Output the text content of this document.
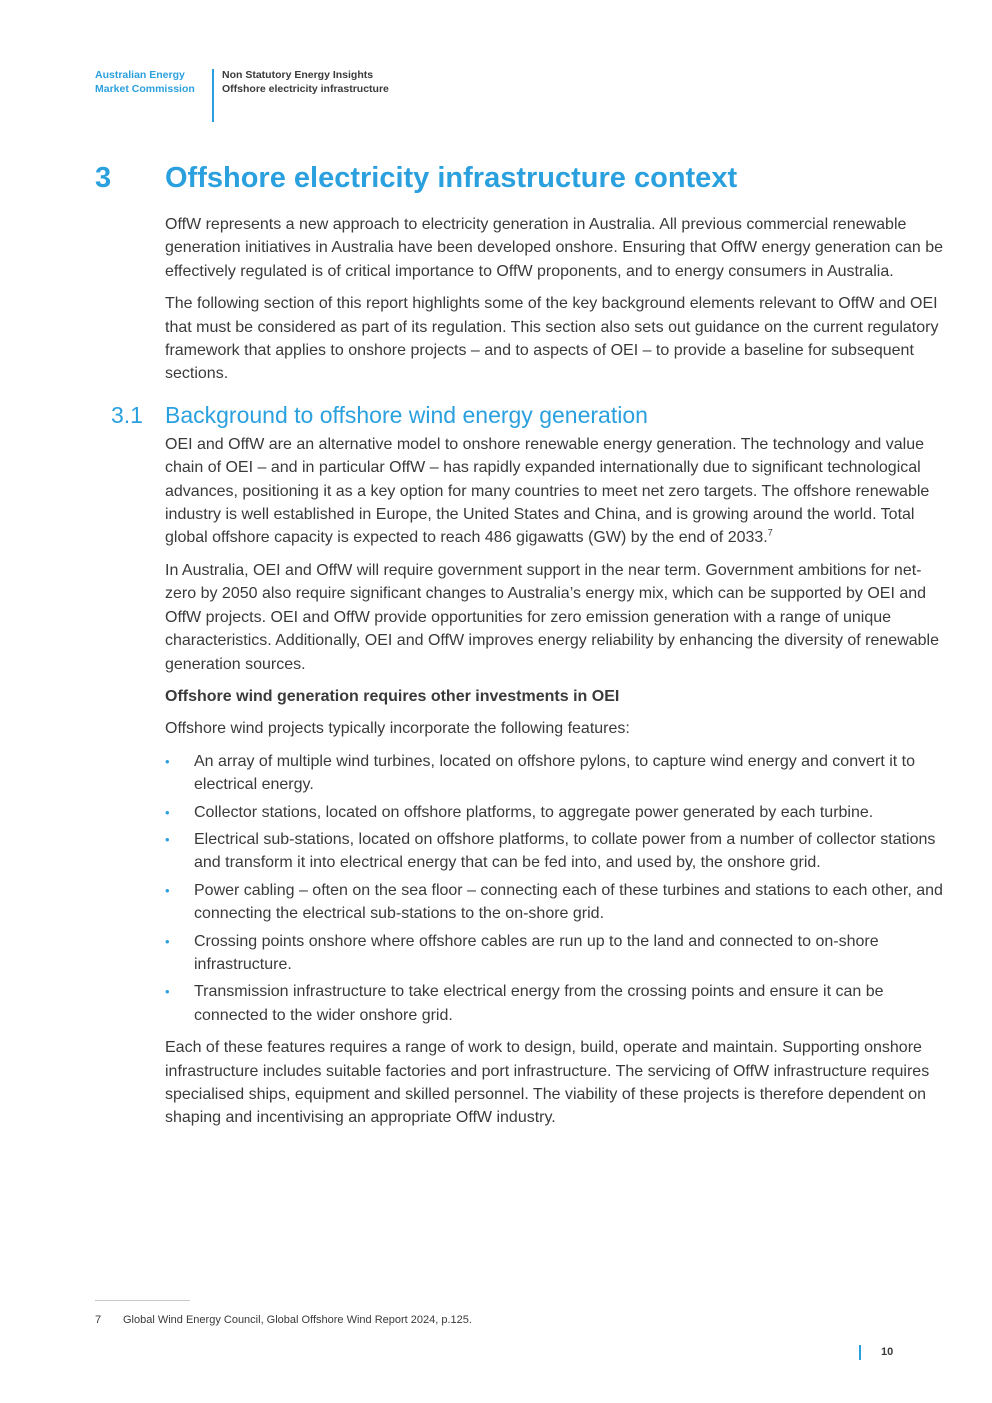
Australian Energy
Market Commission
Non Statutory Energy Insights
Offshore electricity infrastructure
3 Offshore electricity infrastructure context

OffW represents a new approach to electricity generation in Australia. All previous commercial renewable generation initiatives in Australia have been developed onshore. Ensuring that OffW energy generation can be effectively regulated is of critical importance to OffW proponents, and to energy consumers in Australia.

The following section of this report highlights some of the key background elements relevant to OffW and OEI that must be considered as part of its regulation. This section also sets out guidance on the current regulatory framework that applies to onshore projects – and to aspects of OEI – to provide a baseline for subsequent sections.

3.1 Background to offshore wind energy generation

OEI and OffW are an alternative model to onshore renewable energy generation. The technology and value chain of OEI – and in particular OffW – has rapidly expanded internationally due to significant technological advances, positioning it as a key option for many countries to meet net zero targets. The offshore renewable industry is well established in Europe, the United States and China, and is growing around the world. Total global offshore capacity is expected to reach 486 gigawatts (GW) by the end of 2033.$^7$

In Australia, OEI and OffW will require government support in the near term. Government ambitions for net-zero by 2050 also require significant changes to Australia’s energy mix, which can be supported by OEI and OffW projects. OEI and OffW provide opportunities for zero emission generation with a range of unique characteristics. Additionally, OEI and OffW improves energy reliability by enhancing the diversity of renewable generation sources.

Offshore wind generation requires other investments in OEI

Offshore wind projects typically incorporate the following features:

• An array of multiple wind turbines, located on offshore pylons, to capture wind energy and convert it to electrical energy.
• Collector stations, located on offshore platforms, to aggregate power generated by each turbine.
• Electrical sub-stations, located on offshore platforms, to collate power from a number of collector stations and transform it into electrical energy that can be fed into, and used by, the onshore grid.
• Power cabling – often on the sea floor – connecting each of these turbines and stations to each other, and connecting the electrical sub-stations to the on-shore grid.
• Crossing points onshore where offshore cables are run up to the land and connected to on-shore infrastructure.
• Transmission infrastructure to take electrical energy from the crossing points and ensure it can be connected to the wider onshore grid.

Each of these features requires a range of work to design, build, operate and maintain. Supporting onshore infrastructure includes suitable factories and port infrastructure. The servicing of OffW infrastructure requires specialised ships, equipment and skilled personnel. The viability of these projects is therefore dependent on shaping and incentivising an appropriate OffW industry.

7 Global Wind Energy Council, Global Offshore Wind Report 2024, p.125.
10
